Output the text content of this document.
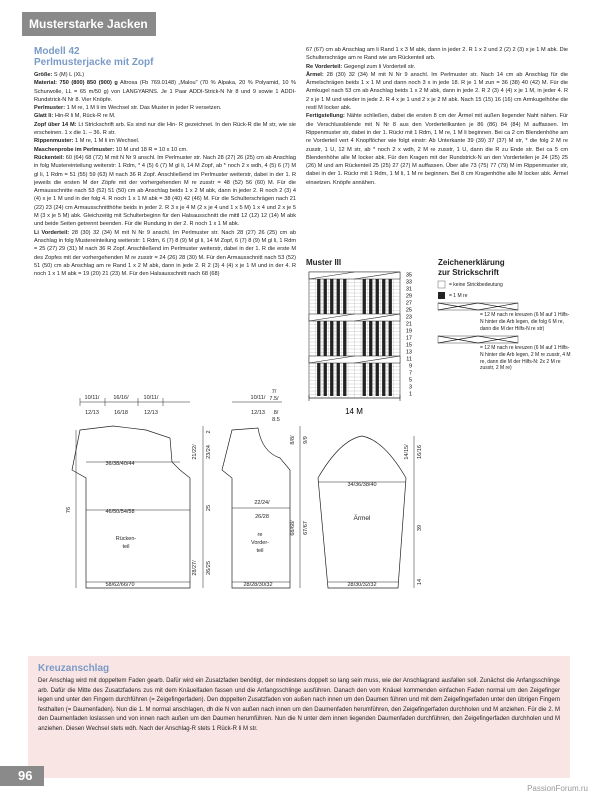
Musterstarke Jacken
Modell 42
Perlmusterjacke mit Zopf

Größe: S (M) L (XL)

Material: 750 (800) 850 (900) g Altrosa (Fb 769.0148) „Malou" (70 % Alpaka, 20 % Polyamid, 10 % Schurwolle, LL = 65 m/50 g) von LANGYARNS. Je 1 Paar ADDI-Strick-N Nr 8 und 9 sowie 1 ADDI-Rundstrick-N Nr 8. Vier Knöpfe.

Perlmuster: 1 M re, 1 M li im Wechsel str. Das Muster in jeder R versetzen.

Glatt li: Hin-R li M, Rück-R re M.

Zopf über 14 M: Lt Strickschrift arb. Es sind nur die Hin- R gezeichnet. In den Rück-R die M str, wie sie erscheinen. 1 x die 1. – 36. R str.

Rippenmuster: 1 M re, 1 M li im Wechsel.

Maschenprobe im Perlmuster: 10 M und 18 R = 10 x 10 cm.

Rückenteil: 60 (64) 68 (72) M mit N Nr 9 anschl. Im Perlmuster str. Nach 28 (27) 26 (25) cm ab Anschlag in folg Mustereinteilung weiterstr: 1 Rdm, * 4 (5) 6 (7) M gl li, 14 M Zopf, ab * noch 2 x wdh, 4 (5) 6 (7) M gl li, 1 Rdm = 51 (55) 59 (63) M nach 36 R Zopf. Anschließend im Perlmuster weiterstr, dabei in der 1. R jeweils die ersten M der Zöpfe mit der vorhergehenden M re zusstr = 48 (52) 56 (60) M. Für die Armausschnitte nach 53 (52) 51 (50) cm ab Anschlag beids 1 x 2 M abk, dann in jeder 2. R noch 2 (3) 4 (4) x je 1 M und in der folg 4. R noch 1 x 1 M abk = 38 (40) 42 (46) M. Für die Schulterschrägen nach 21 (22) 23 (24) cm Armausschnitthöhe beids in jeder 2. R 3 x je 4 M (2 x je 4 und 1 x 5 M) 1 x 4 und 2 x je 5 M (3 x je 5 M) abk. Gleichzeitig mit Schulterbeginn für den Halsausschnitt die mittl 12 (12) 12 (14) M abk und beide Seiten getrennt beenden. Für die Rundung in der 2. R noch 1 x 1 M abk.

Li Vorderteil: 28 (30) 32 (34) M mit N Nr 9 anschl. Im Perlmuster str. Nach 28 (27) 26 (25) cm ab Anschlag in folg Mustereinteilung weiterstr: 1 Rdm, 6 (7) 8 (9) M gl li, 14 M Zopf, 6 (7) 8 (9) M gl li, 1 Rdm = 25 (27) 29 (31) M nach 36 R Zopf. Anschließend im Perlmuster weiterstr, dabei in der 1. R die erste M des Zopfes mit der vorhergehenden M re zusstr = 24 (26) 28 (30) M. Für den Armausschnitt nach 53 (52) 51 (50) cm ab Anschlag am re Rand 1 x 2 M abk, dann in jede 2. R 2 (3) 4 (4) x je 1 M und in der 4. R noch 1 x 1 M abk = 19 (20) 21 (23) M. Für den Halsausschnitt nach 68 (68)

67 (67) cm ab Anschlag am li Rand 1 x 3 M abk, dann in jeder 2. R 1 x 2 und 2 (2) 2 (3) x je 1 M abk. Die Schulterschräge am re Rand wie am Rückenteil arb.

Re Vorderteil: Gegengl zum li Vorderteil str.

Ärmel: 28 (30) 32 (34) M mit N Nr 9 anschl. Im Perlmuster str. Nach 14 cm ab Anschlag für die Ärmelschrägen beids 1 x 1 M und dann noch 3 x in jede 18. R je 1 M zun = 36 (38) 40 (42) M. Für die Armkugel nach 53 cm ab Anschlag beids 1 x 2 M abk, dann in jede 2. R 2 (3) 4 (4) x je 1 M, in jeder 4. R 2 x je 1 M und wieder in jede 2. R 4 x je 1 und 2 x je 2 M abk. Nach 15 (15) 16 (16) cm Armkugelhöhe die restl M locker abk.

Fertigstellung: Nähte schließen, dabei die ersten 8 cm der Ärmel mit außen liegender Naht nähen. Für die Verschlussblende mit N Nr 8 aus den Vorderteilkanten je 86 (86) 84 (84) M auffassen. Im Rippenmuster str, dabei in der 1. Rückr mit 1 Rdm, 1 M re, 1 M li beginnen. Bei ca 2 cm Blendenhöhe am re Vorderteil vert 4 Knopflöcher wie folgt einstr: Ab Unterkante 39 (39) 37 (37) M str, * die folg 2 M re zusstr, 1 U, 12 M str, ab * noch 2 x wdh, 2 M re zusstr, 1 U, dann die R zu Ende str. Bei ca 5 cm Blendenhöhe alle M locker abk. Für den Kragen mit der Rundstrick-N an den Vorderteilen je 24 (25) 25 (26) M und am Rückenteil 25 (25) 27 (27) M auffassen. Über alle 73 (75) 77 (79) M im Rippenmuster str, dabei in der 1. Rückr mit 1 Rdm, 1 M li, 1 M re beginnen. Bei 8 cm Kragenhöhe alle M locker abk. Ärmel einsetzen. Knöpfe annähen.

Muster III	Zeichenerklärung
zur Strickschrift
= keine Strickbedeutung
= 1 M re
= 12 M nach re kreuzen (6 M auf 1 Hilfs-N hinter die Arb legen, die folg 6 M re, dann die M der Hilfs-N re str)
= 12 M nach re kreuzen (6 M auf 1 Hilfs-N hinter die Arb legen, 2 M re zusstr, 4 M re, dann die M der Hilfs-N: 2x 2 M re zusstr, 2 M re)
35
33
31
29
27
25
23
21
19
17
15
13
11
9
7
5
3
1
14 M
10/11/
12/13
16/16/
16/18
10/11/
12/13
36/38/40/44
46/50/54/58
Rücken-
teil
58/62/66/70
76
2
21/22/ 23/24
25
28/27/ 26/25
10/11/
12/13
7/
7.5/
8/
8.5
22/24/
26/28
re
Vorder-
teil
28/28/30/32
8/8/ 9/9
68/68/ 67/67
34/36/38/40
Ärmel
28/30/32/32
14/15/ 16/16
39
14
Kreuzanschlag
Der Anschlag wird mit doppeltem Faden gearb. Dafür wird ein Zusatzfaden benötigt, der mindestens doppelt so lang sein muss, wie der Anschlagrand ausfallen soll. Zunächst die Anfangsschlinge arb. Dafür die Mitte des Zusatzfadens zus mit dem Knäuelfaden fassen und die Anfangsschlinge ausführen. Danach den vom Knäuel kommenden einfachen Faden normal um den Zeigefinger legen und unter den Fingern durchführen (= Zeigefingerfaden). Den doppelten Zusatzfaden von außen nach innen um den Daumen führen und mit dem Zeigefingerfaden unter den übrigen Fingern festhalten (= Daumenfaden). Nun die 1. M normal anschlagen, dh die N von außen nach innen um den Daumenfaden herumführen, den Zeigefingerfaden durchholen und M anziehen. Für die 2. M den Daumenfaden loslassen und von innen nach außen um den Daumen herumführen. Nun die N unter dem innen liegenden Daumenfaden durchführen, den Zeigefingerfaden durchholen und M anziehen. Diesen Wechsel stets wdh. Nach der Anschlag-R stets 1 Rück-R li M str.
96
PassionForum.ru
